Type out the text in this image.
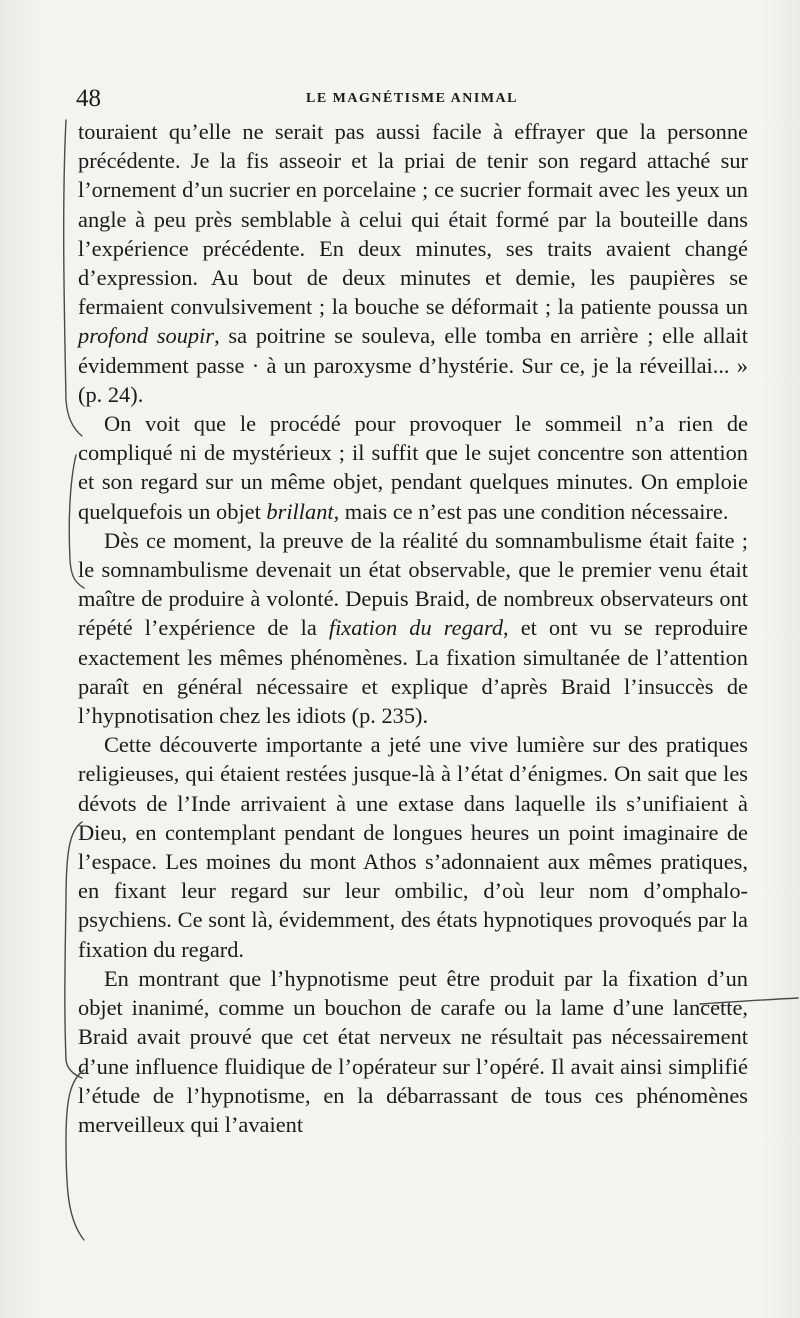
48	LE MAGNÉTISME ANIMAL

touraient qu’elle ne serait pas aussi facile à effrayer que la personne précédente. Je la fis asseoir et la priai de tenir son regard attaché sur l’ornement d’un sucrier en porcelaine ; ce sucrier formait avec les yeux un angle à peu près semblable à celui qui était formé par la bouteille dans l’expérience précédente. En deux minutes, ses traits avaient changé d’expression. Au bout de deux minutes et demie, les paupières se fermaient convulsivement ; la bouche se déformait ; la patiente poussa un profond soupir, sa poitrine se souleva, elle tomba en arrière ; elle allait évidemment passe · à un paroxysme d’hystérie. Sur ce, je la réveillai... » (p. 24).

On voit que le procédé pour provoquer le sommeil n’a rien de compliqué ni de mystérieux ; il suffit que le sujet concentre son attention et son regard sur un même objet, pendant quelques minutes. On emploie quelquefois un objet brillant, mais ce n’est pas une condition nécessaire.

Dès ce moment, la preuve de la réalité du somnambulisme était faite ; le somnambulisme devenait un état observable, que le premier venu était maître de produire à volonté. Depuis Braid, de nombreux observateurs ont répété l’expérience de la fixation du regard, et ont vu se reproduire exactement les mêmes phénomènes. La fixation simultanée de l’attention paraît en général nécessaire et explique d’après Braid l’insuccès de l’hypnotisation chez les idiots (p. 235).

Cette découverte importante a jeté une vive lumière sur des pratiques religieuses, qui étaient restées jusque-là à l’état d’énigmes. On sait que les dévots de l’Inde arrivaient à une extase dans laquelle ils s’unifiaient à Dieu, en contemplant pendant de longues heures un point imaginaire de l’espace. Les moines du mont Athos s’adonnaient aux mêmes pratiques, en fixant leur regard sur leur ombilic, d’où leur nom d’omphalo-psychiens. Ce sont là, évidemment, des états hypnotiques provoqués par la fixation du regard.

En montrant que l’hypnotisme peut être produit par la fixation d’un objet inanimé, comme un bouchon de carafe ou la lame d’une lancette, Braid avait prouvé que cet état nerveux ne résultait pas nécessairement d’une influence fluidique de l’opérateur sur l’opéré. Il avait ainsi simplifié l’étude de l’hypnotisme, en la débarrassant de tous ces phénomènes merveilleux qui l’avaient
